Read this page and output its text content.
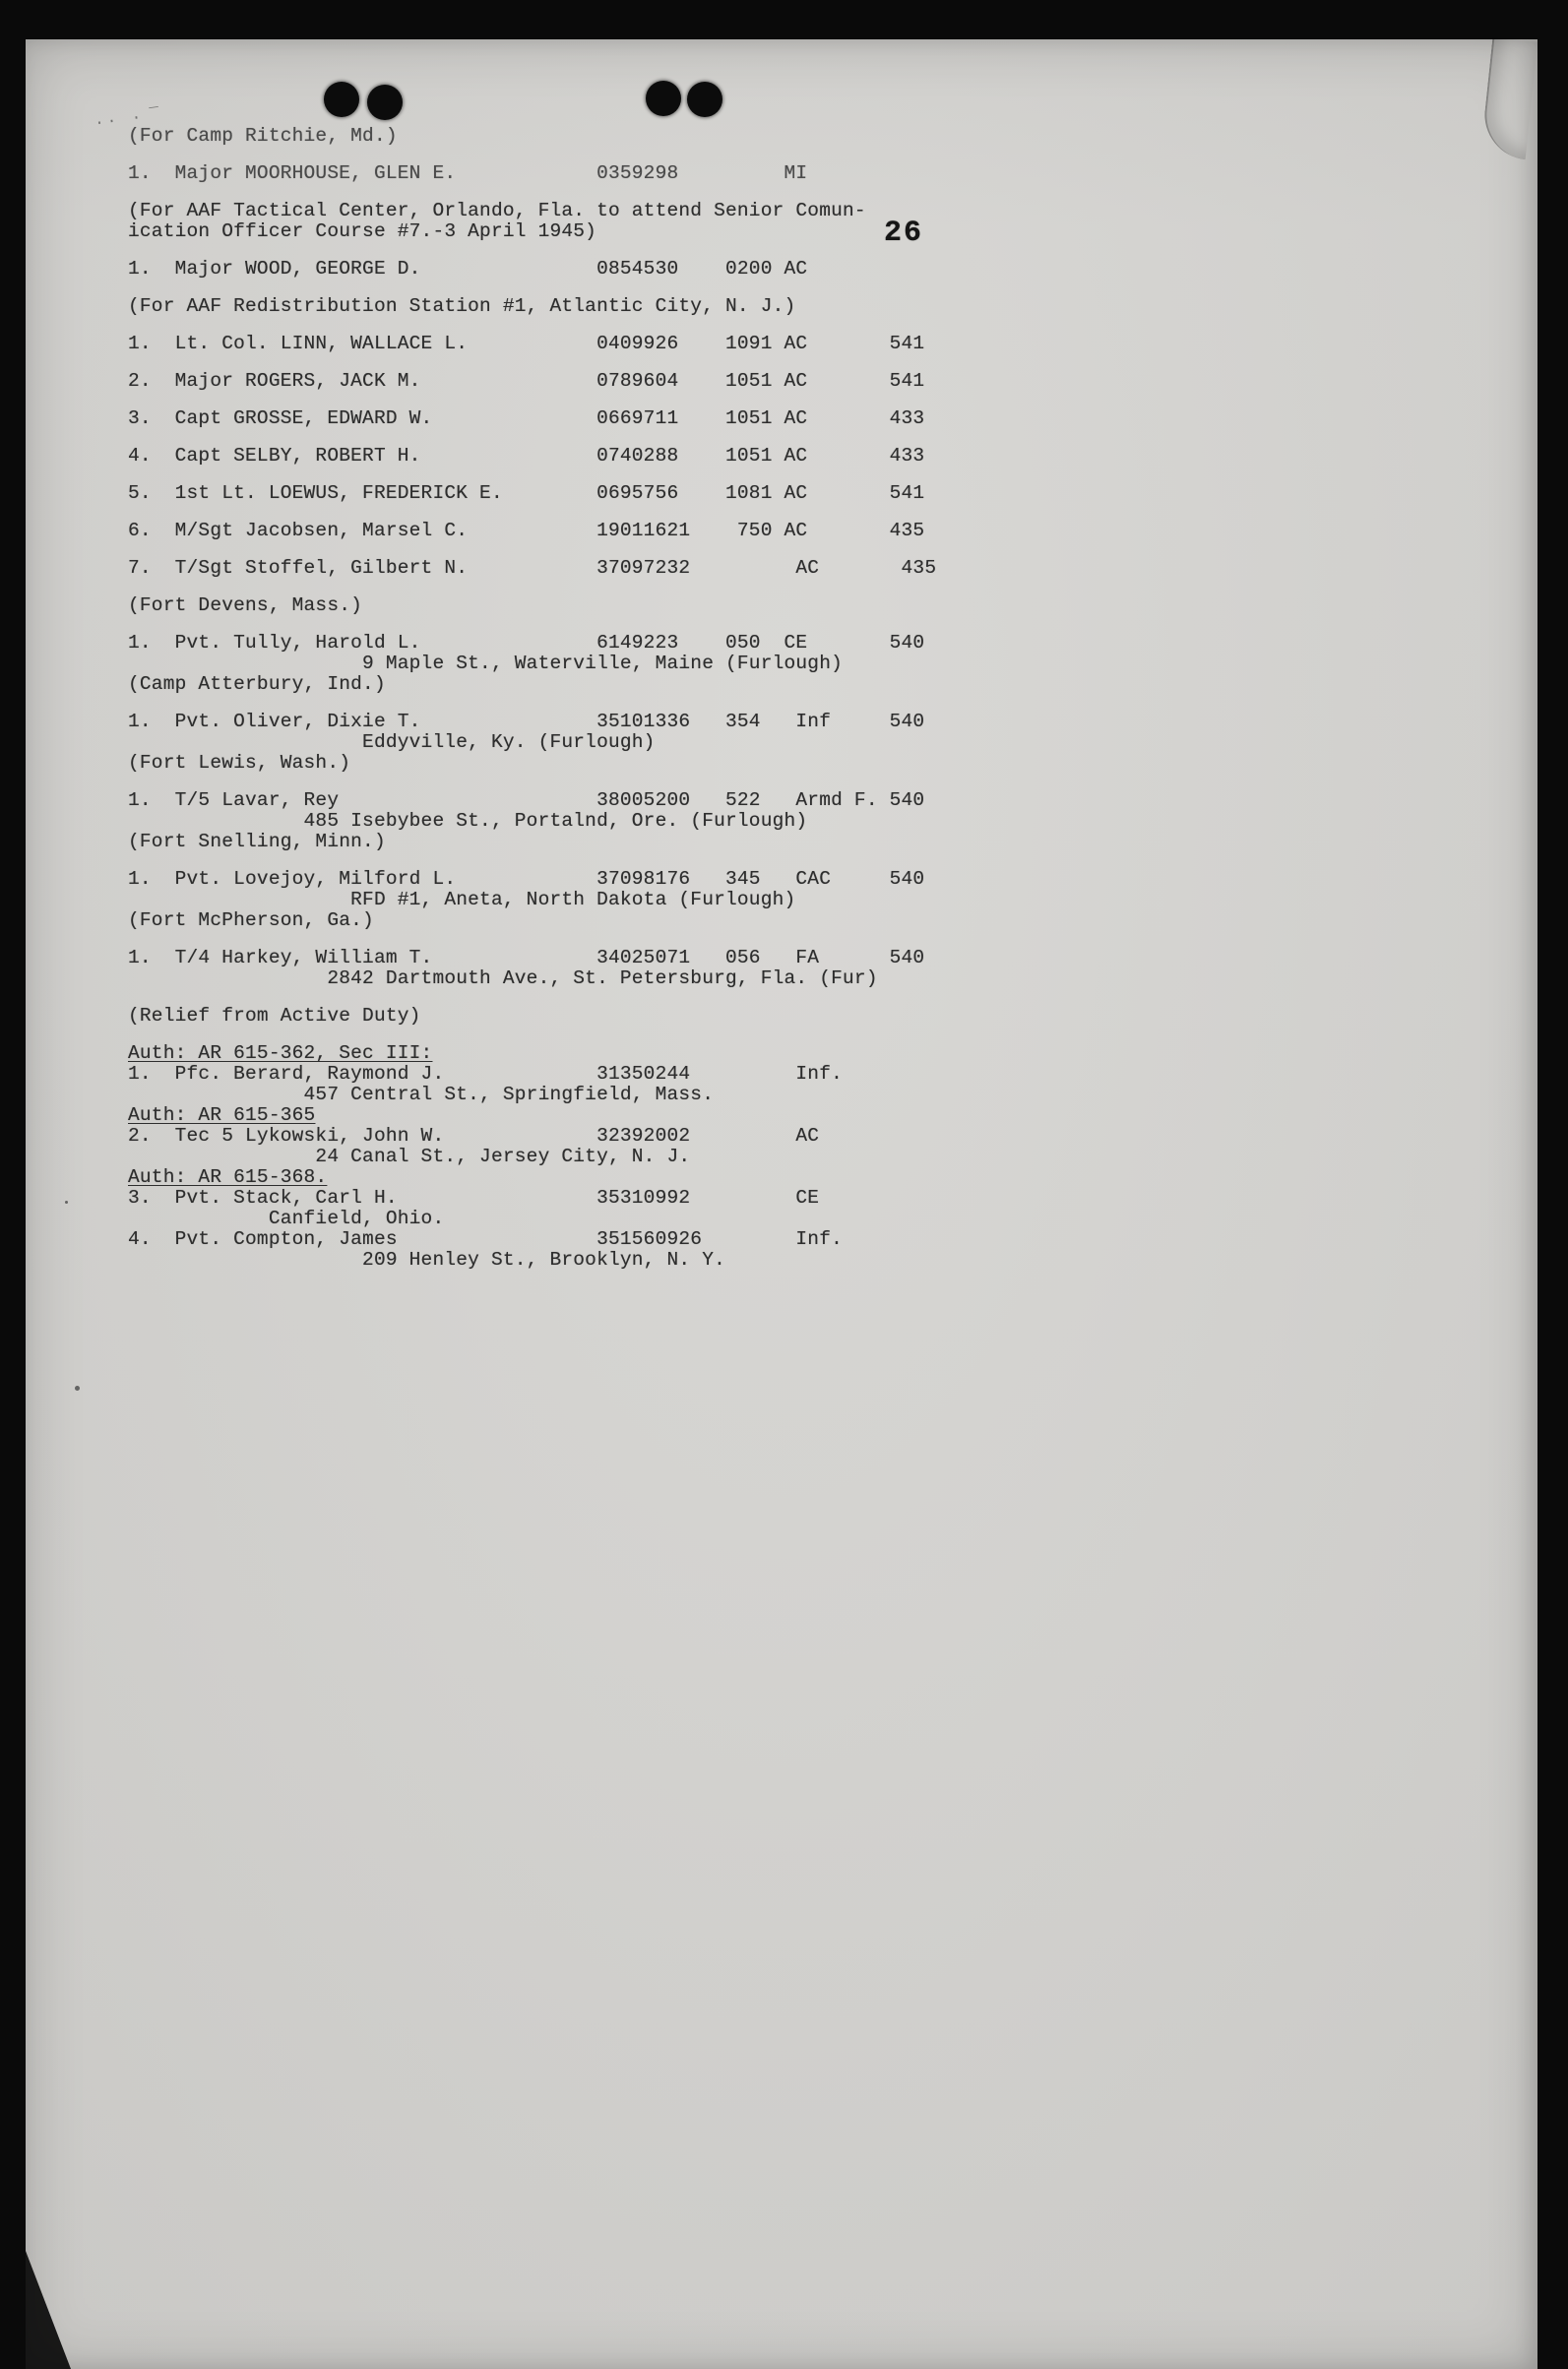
·· · ¯
26
(For Camp Ritchie, Md.)
1.  Major MOORHOUSE, GLEN E.            0359298         MI
(For AAF Tactical Center, Orlando, Fla. to attend Senior Comun-
ication Officer Course #7.-3 April 1945)
1.  Major WOOD, GEORGE D.               0854530    0200 AC
(For AAF Redistribution Station #1, Atlantic City, N. J.)
1.  Lt. Col. LINN, WALLACE L.           0409926    1091 AC       541
2.  Major ROGERS, JACK M.               0789604    1051 AC       541
3.  Capt GROSSE, EDWARD W.              0669711    1051 AC       433
4.  Capt SELBY, ROBERT H.               0740288    1051 AC       433
5.  1st Lt. LOEWUS, FREDERICK E.        0695756    1081 AC       541
6.  M/Sgt Jacobsen, Marsel C.           19011621    750 AC       435
7.  T/Sgt Stoffel, Gilbert N.           37097232         AC       435
(Fort Devens, Mass.)
1.  Pvt. Tully, Harold L.               6149223    050  CE       540
9 Maple St., Waterville, Maine (Furlough)
(Camp Atterbury, Ind.)
1.  Pvt. Oliver, Dixie T.               35101336   354   Inf     540
Eddyville, Ky. (Furlough)
(Fort Lewis, Wash.)
1.  T/5 Lavar, Rey                      38005200   522   Armd F. 540
485 Isebybee St., Portalnd, Ore. (Furlough)
(Fort Snelling, Minn.)
1.  Pvt. Lovejoy, Milford L.            37098176   345   CAC     540
RFD #1, Aneta, North Dakota (Furlough)
(Fort McPherson, Ga.)
1.  T/4 Harkey, William T.              34025071   056   FA      540
2842 Dartmouth Ave., St. Petersburg, Fla. (Fur)
(Relief from Active Duty)
Auth: AR 615-362, Sec III:
1.  Pfc. Berard, Raymond J.             31350244         Inf.
457 Central St., Springfield, Mass.
Auth: AR 615-365
2.  Tec 5 Lykowski, John W.             32392002         AC
24 Canal St., Jersey City, N. J.
Auth: AR 615-368.
3.  Pvt. Stack, Carl H.                 35310992         CE
Canfield, Ohio.
4.  Pvt. Compton, James                 351560926        Inf.
209 Henley St., Brooklyn, N. Y.
